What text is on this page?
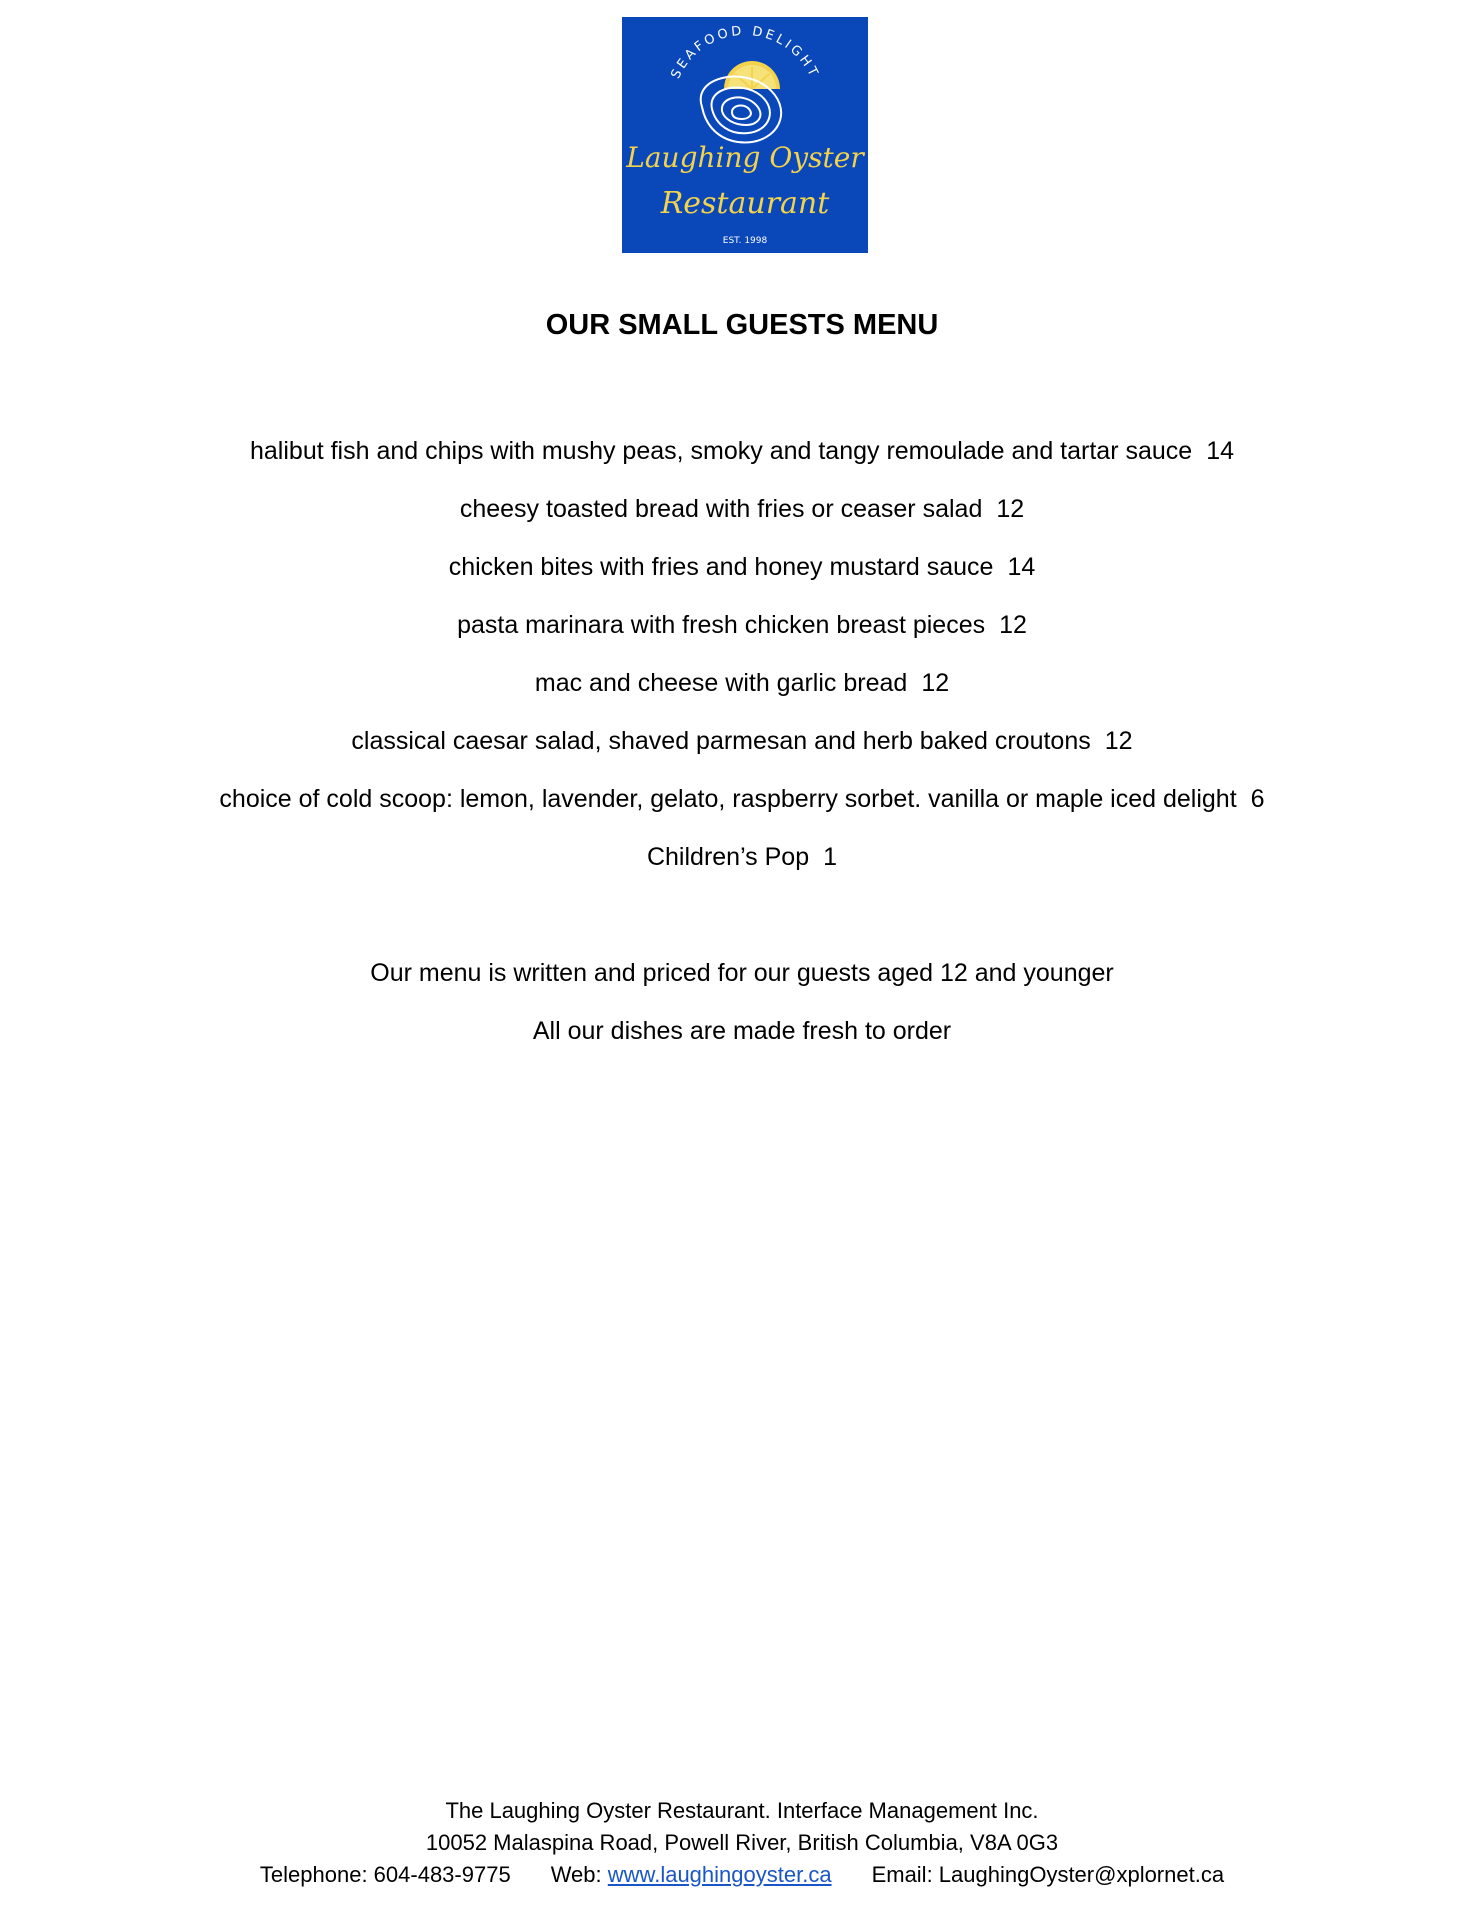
SEAFOOD DELIGHT
Laughing Oyster
Restaurant
EST. 1998
OUR SMALL GUESTS MENU
halibut fish and chips with mushy peas, smoky and tangy remoulade and tartar sauce 14
cheesy toasted bread with fries or ceaser salad 12
chicken bites with fries and honey mustard sauce 14
pasta marinara with fresh chicken breast pieces 12
mac and cheese with garlic bread 12
classical caesar salad, shaved parmesan and herb baked croutons 12
choice of cold scoop: lemon, lavender, gelato, raspberry sorbet. vanilla or maple iced delight 6
Children’s Pop 1
Our menu is written and priced for our guests aged 12 and younger
All our dishes are made fresh to order
The Laughing Oyster Restaurant. Interface Management Inc.
10052 Malaspina Road, Powell River, British Columbia, V8A 0G3
Telephone: 604-483-9775 Web: www.laughingoyster.ca Email: LaughingOyster@xplornet.ca
